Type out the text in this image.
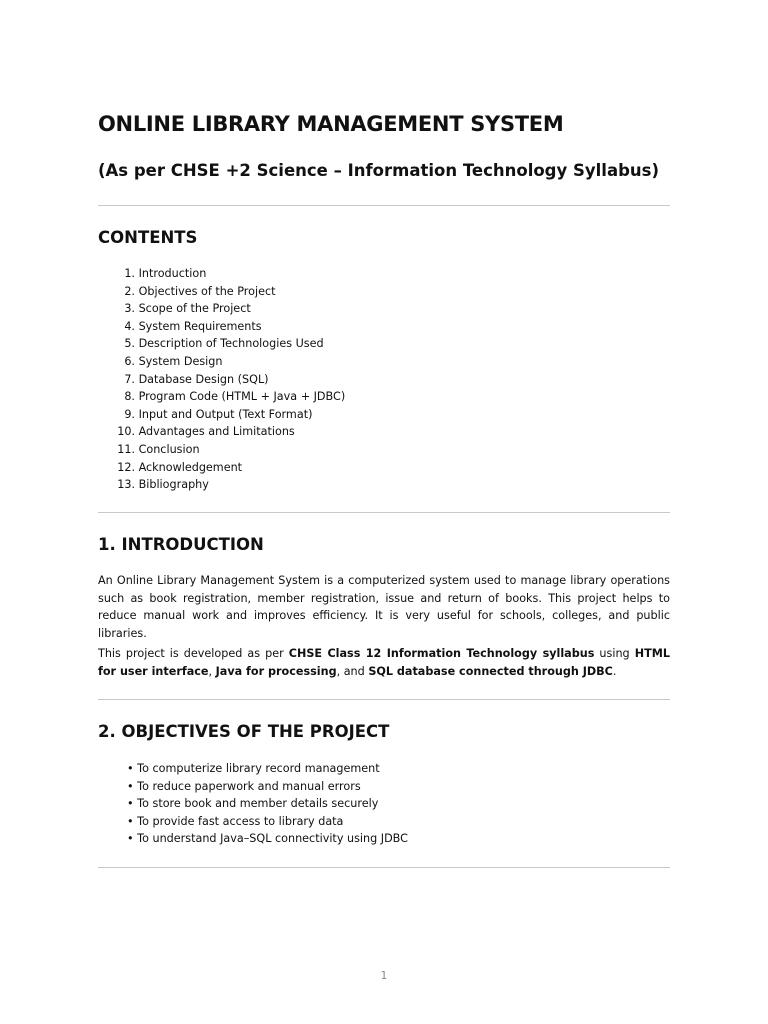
ONLINE LIBRARY MANAGEMENT SYSTEM
(As per CHSE +2 Science – Information Technology Syllabus)
CONTENTS
1.
Introduction
2.
Objectives of the Project
3.
Scope of the Project
4.
System Requirements
5.
Description of Technologies Used
6.
System Design
7.
Database Design (SQL)
8.
Program Code (HTML + Java + JDBC)
9.
Input and Output (Text Format)
10.
Advantages and Limitations
11.
Conclusion
12.
Acknowledgement
13.
Bibliography
1. INTRODUCTION

An Online Library Management System is a computerized system used to manage library operations such as book registration, member registration, issue and return of books. This project helps to reduce manual work and improves efficiency. It is very useful for schools, colleges, and public libraries.

This project is developed as per CHSE Class 12 Information Technology syllabus using HTML for user interface, Java for processing, and SQL database connected through JDBC.

2. OBJECTIVES OF THE PROJECT
• To computerize library record management
• To reduce paperwork and manual errors
• To store book and member details securely
• To provide fast access to library data
• To understand Java–SQL connectivity using JDBC
1
